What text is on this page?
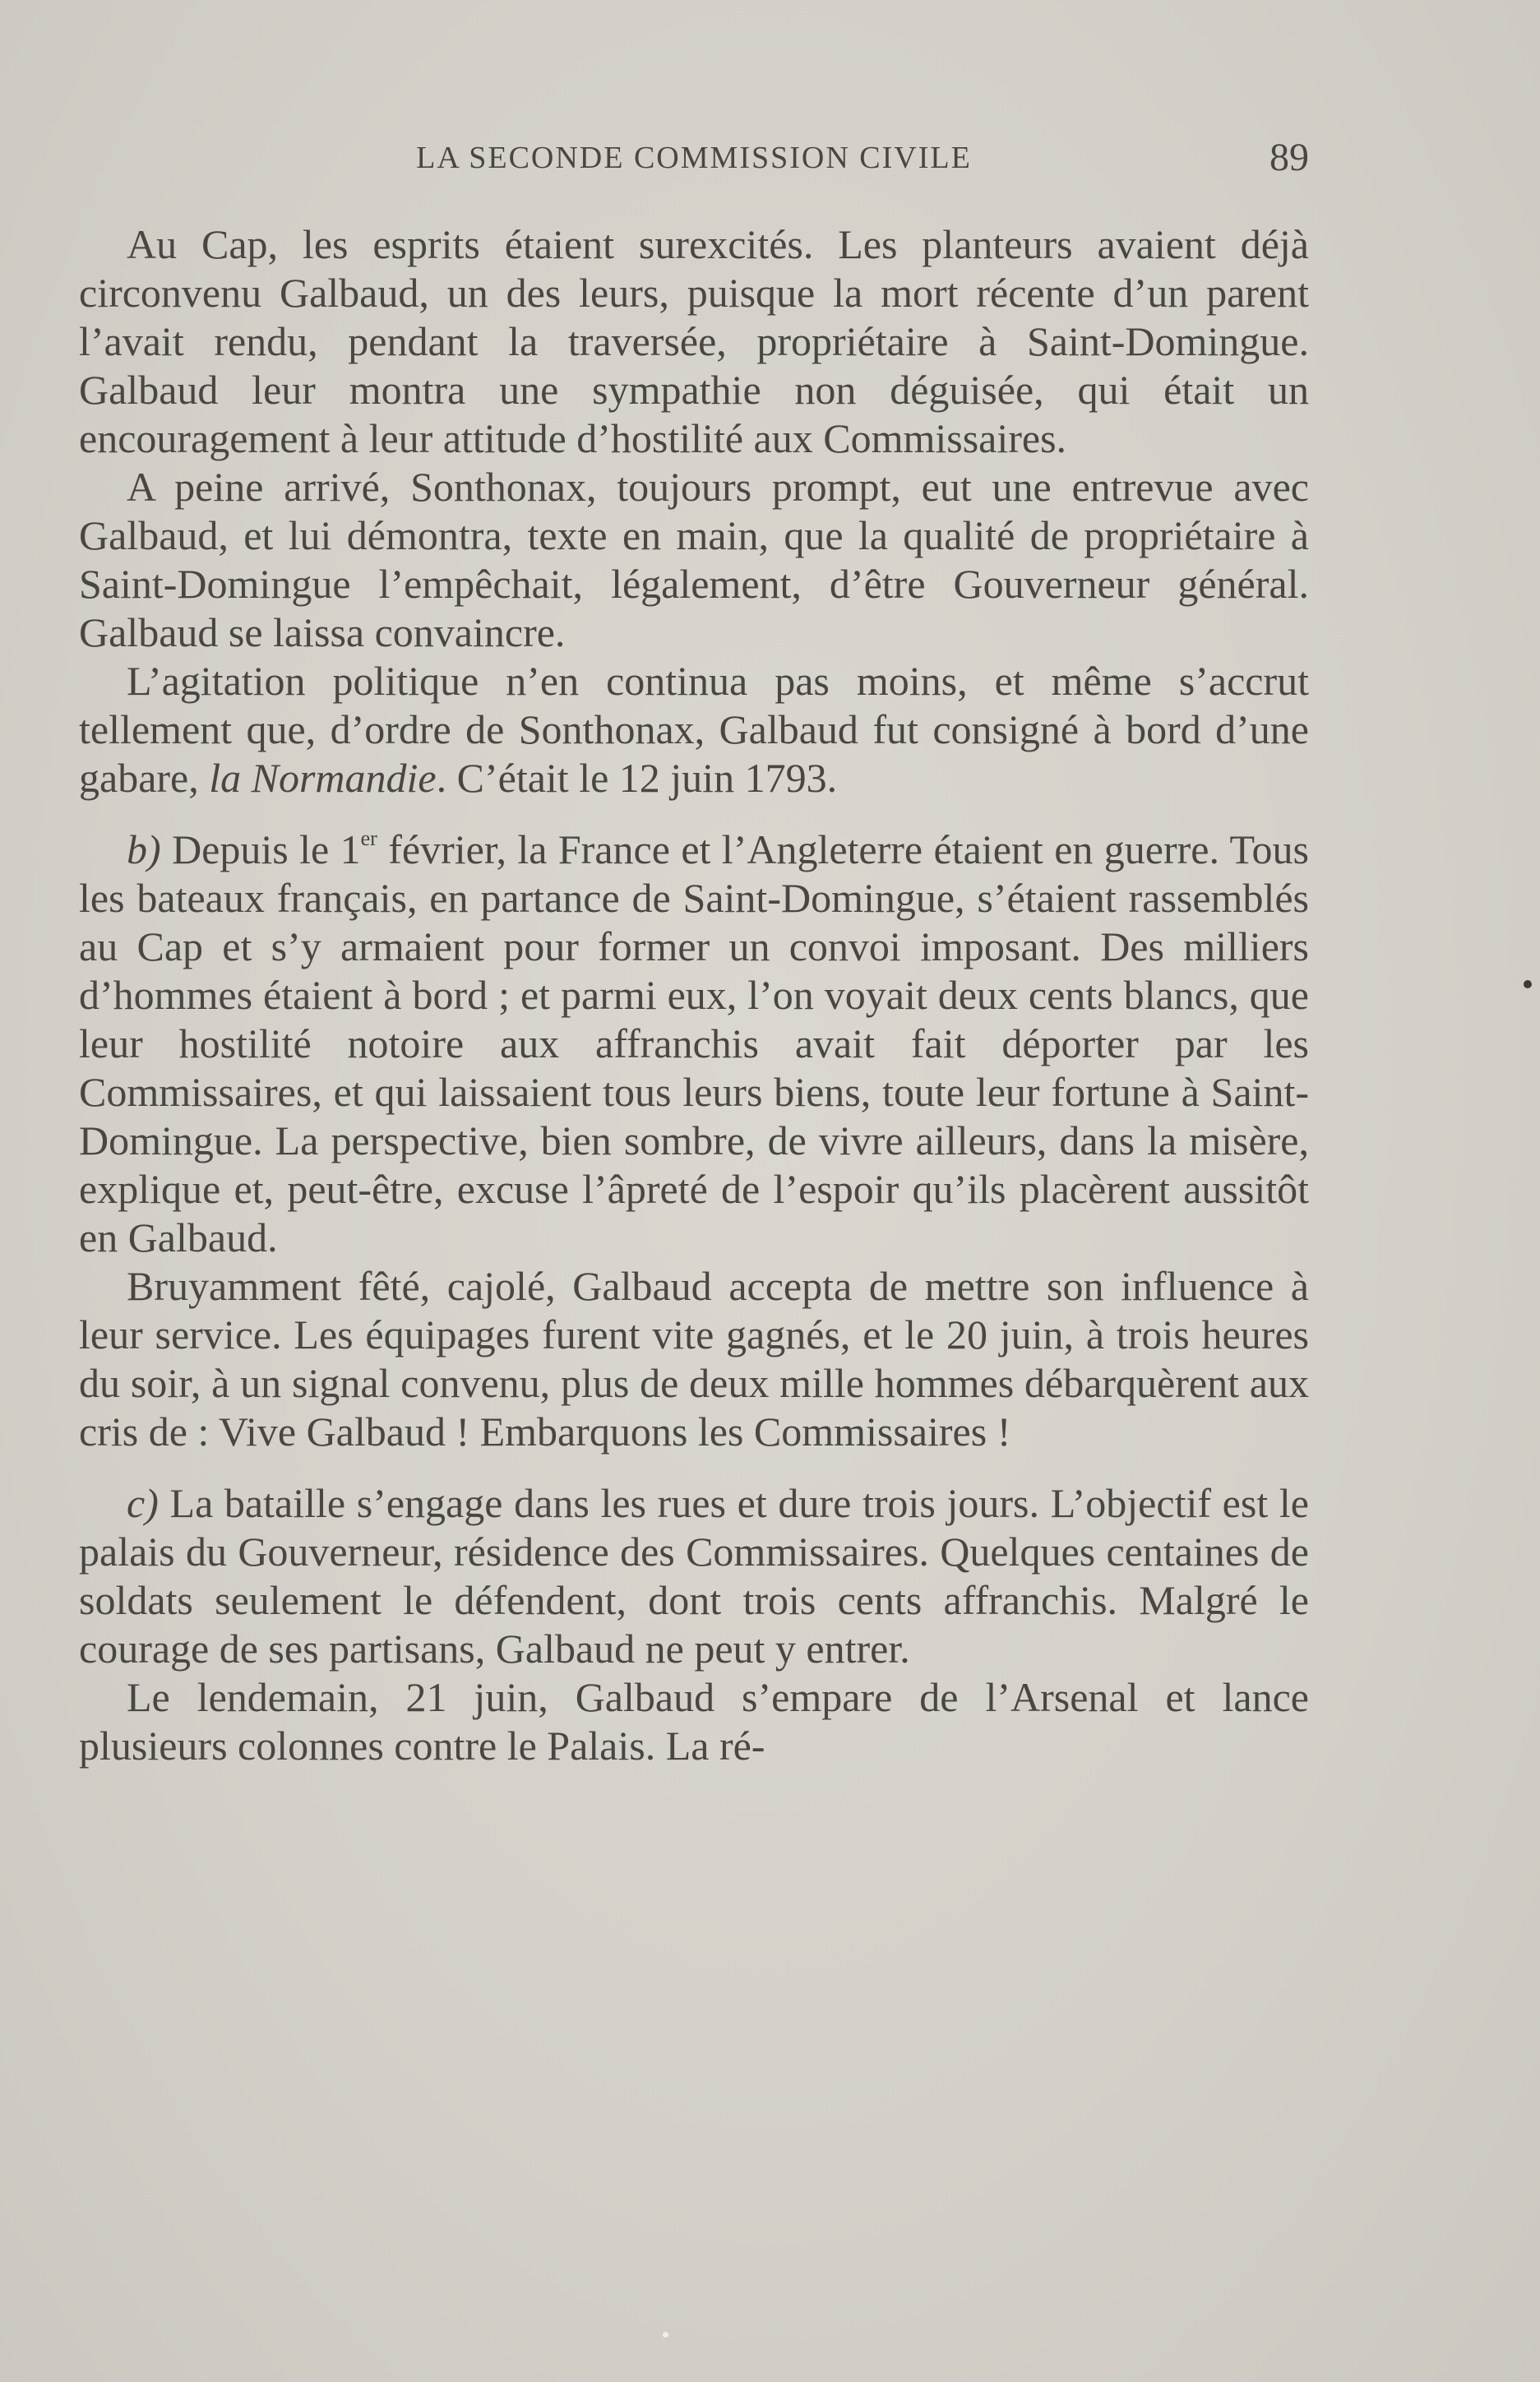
LA SECONDE COMMISSION CIVILE	89

Au Cap, les esprits étaient surexcités. Les planteurs avaient déjà circonvenu Galbaud, un des leurs, puisque la mort récente d’un parent l’avait rendu, pendant la traversée, propriétaire à Saint-Domingue. Galbaud leur montra une sympathie non déguisée, qui était un encouragement à leur attitude d’hostilité aux Commissaires.

A peine arrivé, Sonthonax, toujours prompt, eut une entrevue avec Galbaud, et lui démontra, texte en main, que la qualité de propriétaire à Saint-Domingue l’empêchait, légalement, d’être Gouverneur général. Galbaud se laissa convaincre.

L’agitation politique n’en continua pas moins, et même s’accrut tellement que, d’ordre de Sonthonax, Galbaud fut consigné à bord d’une gabare, la Normandie. C’était le 12 juin 1793.

b) Depuis le 1er février, la France et l’Angleterre étaient en guerre. Tous les bateaux français, en partance de Saint-Domingue, s’étaient rassemblés au Cap et s’y armaient pour former un convoi imposant. Des milliers d’hommes étaient à bord ; et parmi eux, l’on voyait deux cents blancs, que leur hostilité notoire aux affranchis avait fait déporter par les Commissaires, et qui laissaient tous leurs biens, toute leur fortune à Saint-Domingue. La perspective, bien sombre, de vivre ailleurs, dans la misère, explique et, peut-être, excuse l’âpreté de l’espoir qu’ils placèrent aussitôt en Galbaud.

Bruyamment fêté, cajolé, Galbaud accepta de mettre son influence à leur service. Les équipages furent vite gagnés, et le 20 juin, à trois heures du soir, à un signal convenu, plus de deux mille hommes débarquèrent aux cris de : Vive Galbaud ! Embarquons les Commissaires !

c) La bataille s’engage dans les rues et dure trois jours. L’objectif est le palais du Gouverneur, résidence des Commissaires. Quelques centaines de soldats seulement le défendent, dont trois cents affranchis. Malgré le courage de ses partisans, Galbaud ne peut y entrer.

Le lendemain, 21 juin, Galbaud s’empare de l’Arsenal et lance plusieurs colonnes contre le Palais. La ré-
